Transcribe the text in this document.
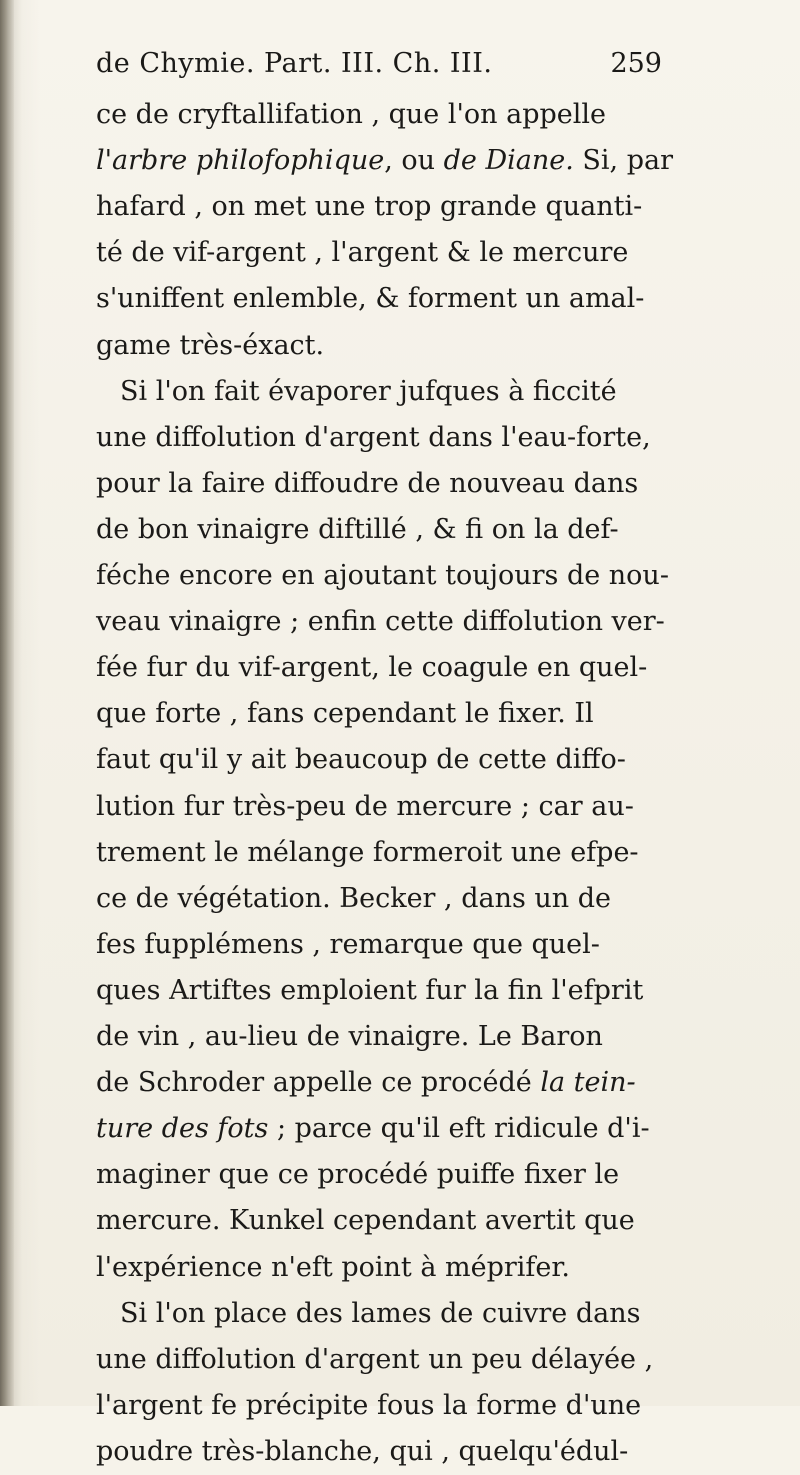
de Chymie. Part. III. Ch. III.	259
ce de cryftallifation , que l'on appelle
l'arbre philofophique, ou de Diane. Si, par
hafard , on met une trop grande quanti-
té de vif-argent , l'argent & le mercure
s'uniffent enlemble, & forment un amal-
game très-éxact.
Si l'on fait évaporer jufques à ficcité
une diffolution d'argent dans l'eau-forte,
pour la faire diffoudre de nouveau dans
de bon vinaigre diftillé , & fi on la def-
féche encore en ajoutant toujours de nou-
veau vinaigre ; enfin cette diffolution ver-
fée fur du vif-argent, le coagule en quel-
que forte , fans cependant le fixer. Il
faut qu'il y ait beaucoup de cette diffo-
lution fur très-peu de mercure ; car au-
trement le mélange formeroit une efpe-
ce de végétation. Becker , dans un de
fes fupplémens , remarque que quel-
ques Artiftes emploient fur la fin l'efprit
de vin , au-lieu de vinaigre. Le Baron
de Schroder appelle ce procédé la tein-
ture des fots ; parce qu'il eft ridicule d'i-
maginer que ce procédé puiffe fixer le
mercure. Kunkel cependant avertit que
l'expérience n'eft point à méprifer.
Si l'on place des lames de cuivre dans
une diffolution d'argent un peu délayée ,
l'argent fe précipite fous la forme d'une
poudre très-blanche, qui , quelqu'édul-
